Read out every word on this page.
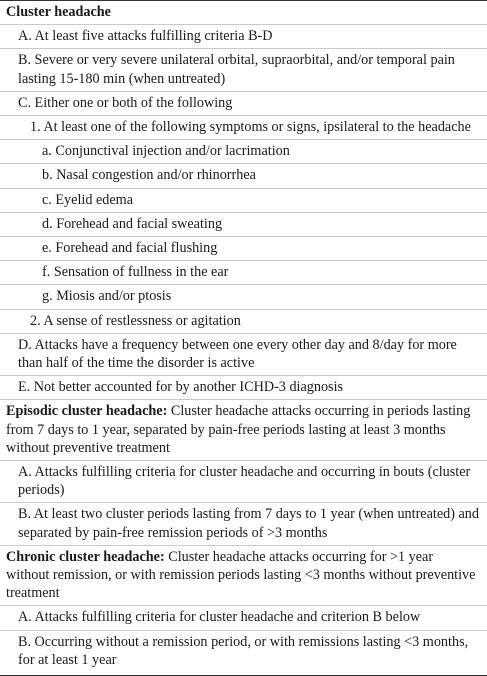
Cluster headache
A. At least five attacks fulfilling criteria B-D
B. Severe or very severe unilateral orbital, supraorbital, and/or temporal pain lasting 15-180 min (when untreated)
C. Either one or both of the following
1. At least one of the following symptoms or signs, ipsilateral to the headache
a. Conjunctival injection and/or lacrimation
b. Nasal congestion and/or rhinorrhea
c. Eyelid edema
d. Forehead and facial sweating
e. Forehead and facial flushing
f. Sensation of fullness in the ear
g. Miosis and/or ptosis
2. A sense of restlessness or agitation
D. Attacks have a frequency between one every other day and 8/day for more than half of the time the disorder is active
E. Not better accounted for by another ICHD-3 diagnosis
Episodic cluster headache: Cluster headache attacks occurring in periods lasting from 7 days to 1 year, separated by pain-free periods lasting at least 3 months without preventive treatment
A. Attacks fulfilling criteria for cluster headache and occurring in bouts (cluster periods)
B. At least two cluster periods lasting from 7 days to 1 year (when untreated) and separated by pain-free remission periods of >3 months
Chronic cluster headache: Cluster headache attacks occurring for >1 year without remission, or with remission periods lasting <3 months without preventive treatment
A. Attacks fulfilling criteria for cluster headache and criterion B below
B. Occurring without a remission period, or with remissions lasting <3 months, for at least 1 year
